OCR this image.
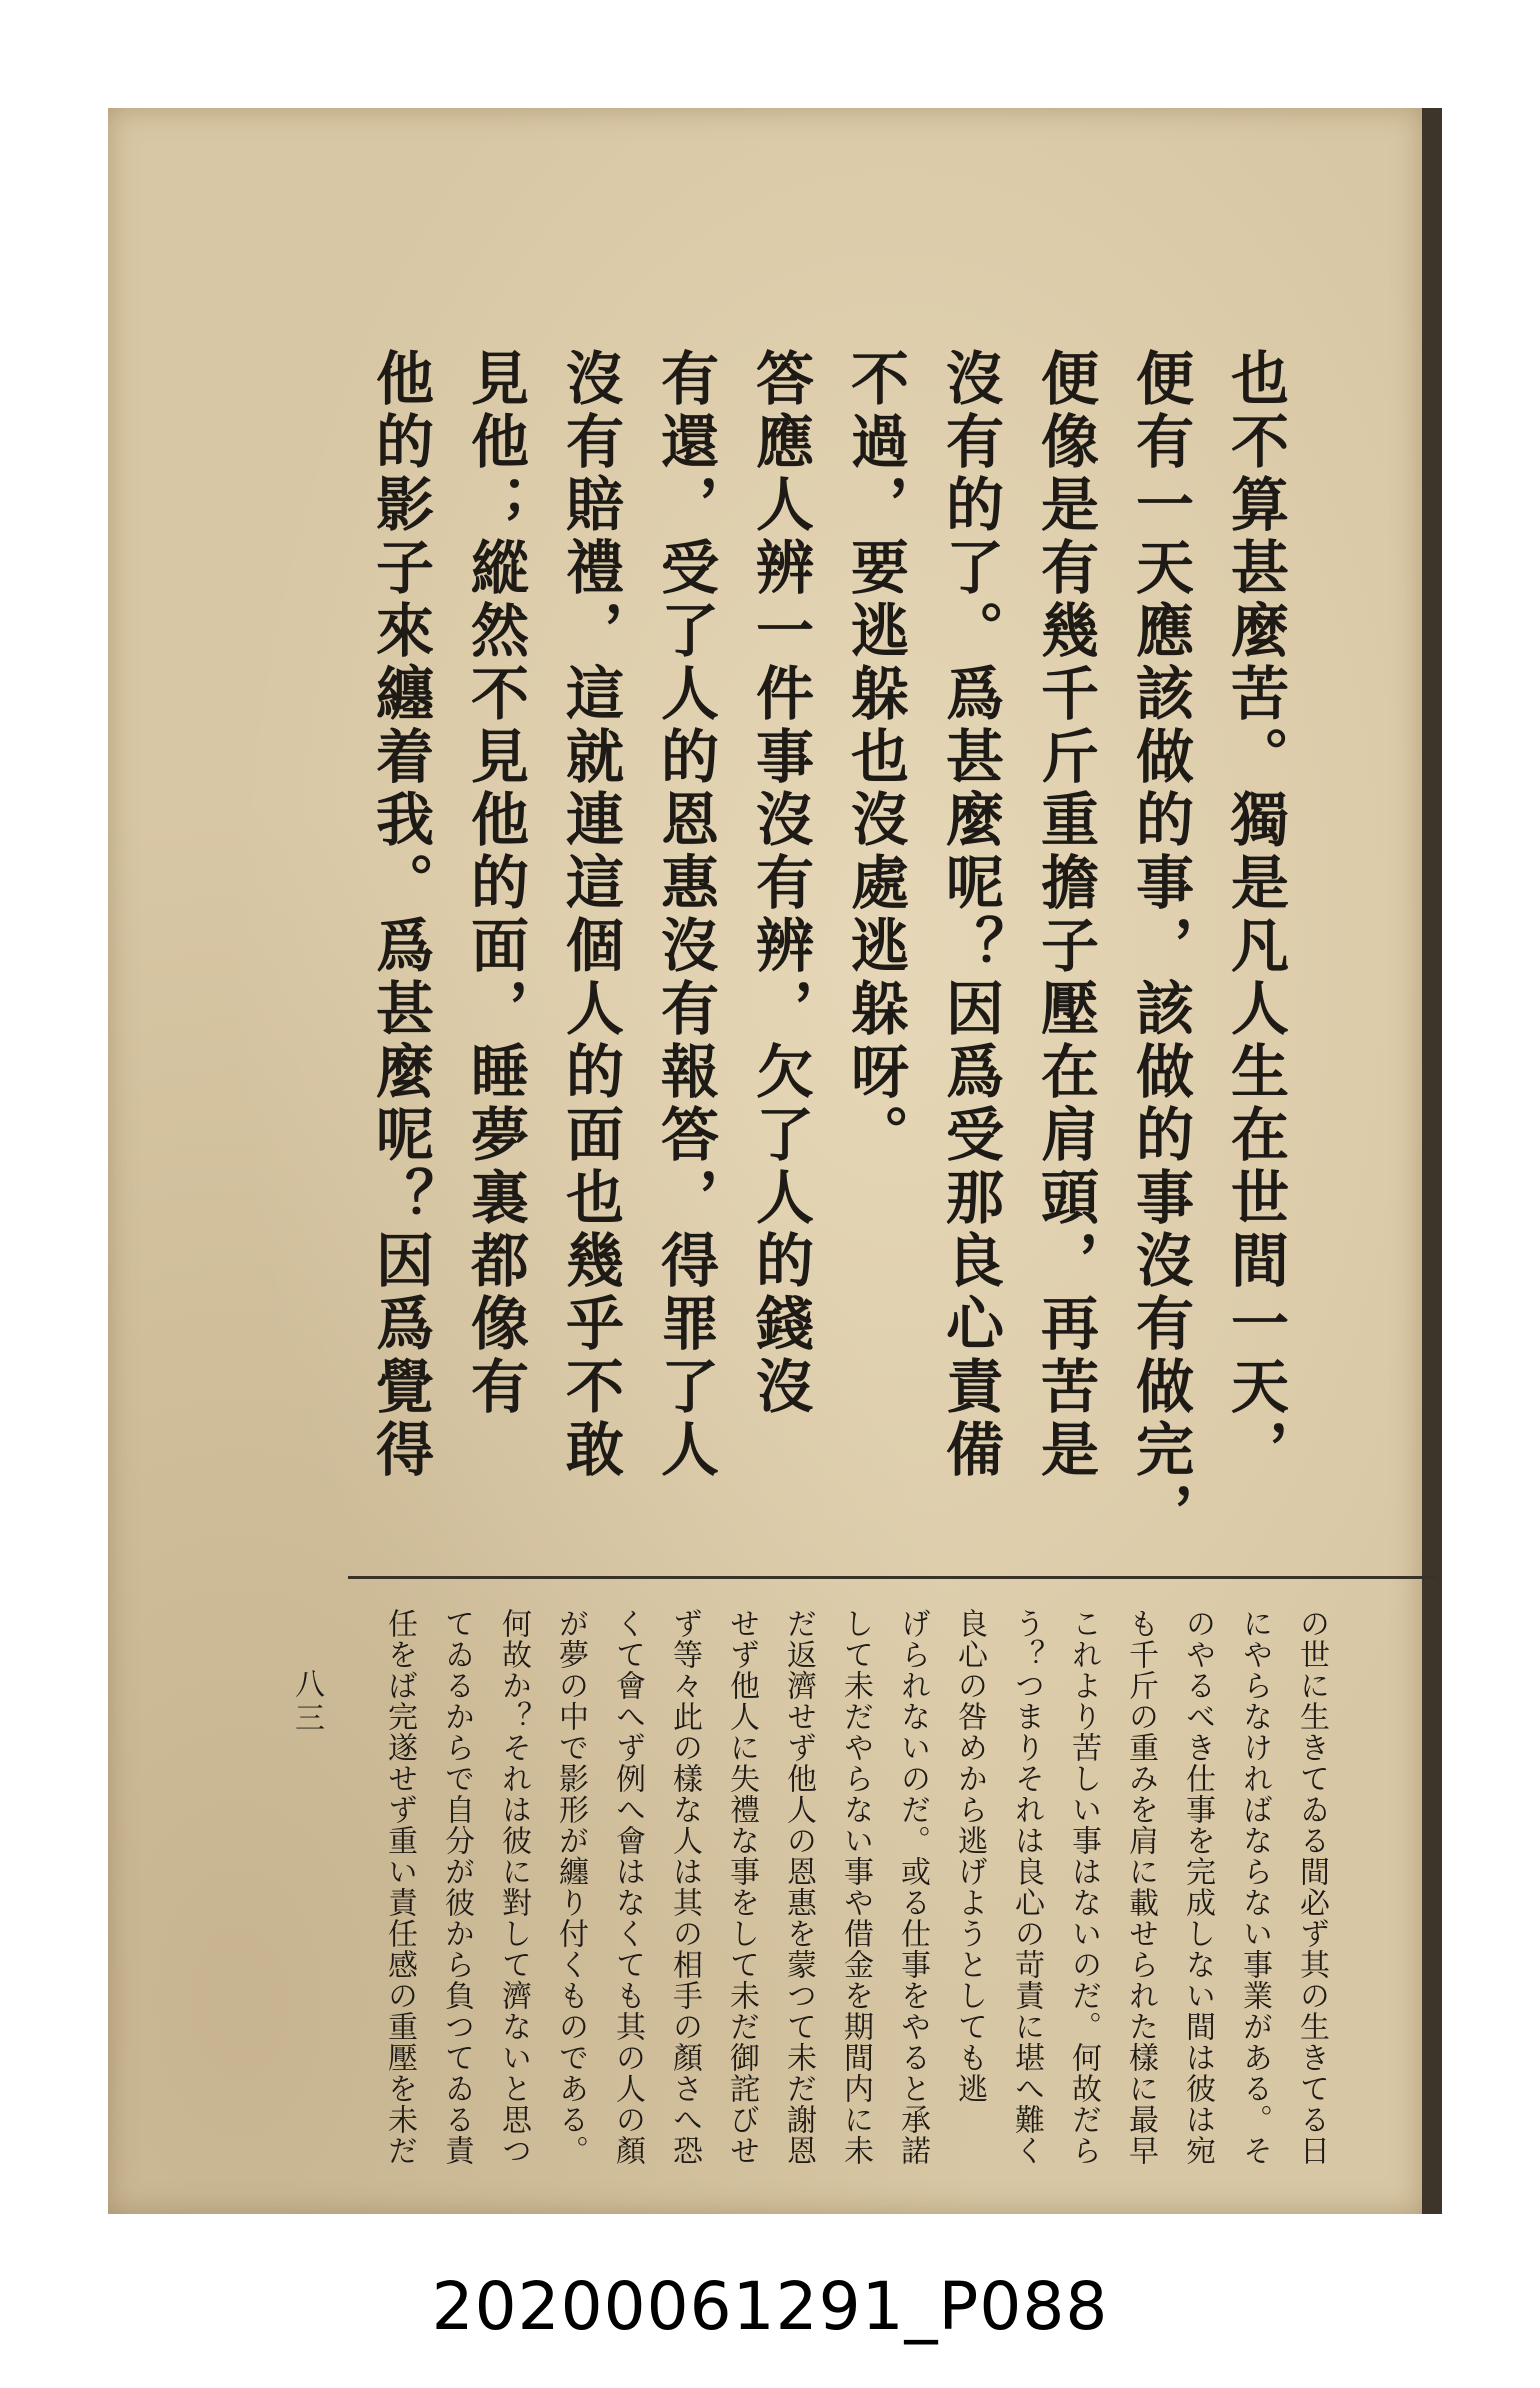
也不算甚麼苦。獨是凡人生在世間一天，
便有一天應該做的事，該做的事沒有做完，
便像是有幾千斤重擔子壓在肩頭，再苦是
沒有的了。爲甚麼呢？因爲受那良心責備
不過，要逃躲也沒處逃躲呀。
答應人辨一件事沒有辨，欠了人的錢沒
有還，受了人的恩惠沒有報答，得罪了人
沒有賠禮，這就連這個人的面也幾乎不敢
見他；縱然不見他的面，睡夢裏都像有
他的影子來纏着我。爲甚麼呢？因爲覺得
の世に生きてゐる間必ず其の生きてる日
にやらなければならない事業がある。そ
のやるべき仕事を完成しない間は彼は宛
も千斤の重みを肩に載せられた樣に最早
これより苦しい事はないのだ。何故だら
う？つまりそれは良心の苛責に堪へ難く
良心の咎めから逃げようとしても逃
げられないのだ。或る仕事をやると承諾
して未だやらない事や借金を期間内に未
だ返濟せず他人の恩惠を蒙つて未だ謝恩
せず他人に失禮な事をして未だ御詫びせ
ず等々此の樣な人は其の相手の顏さへ恐
くて會へず例へ會はなくても其の人の顏
が夢の中で影形が纏り付くものである。
何故か？それは彼に對して濟ないと思つ
てゐるからで自分が彼から負つてゐる責
任をば完遂せず重い責任感の重壓を未だ
八三
20200061291_P088
